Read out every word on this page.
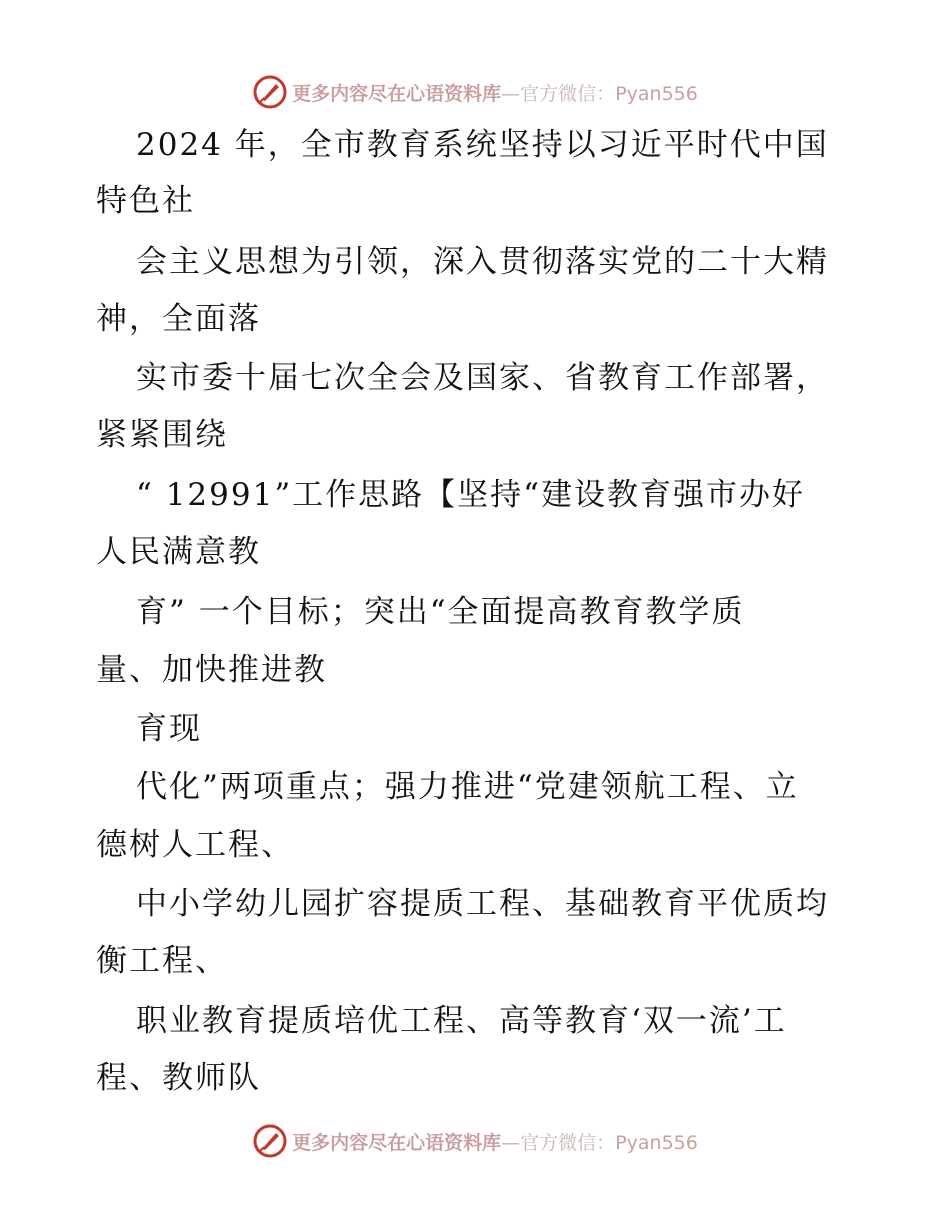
更多内容尽在心语资料库—官方微信：Pyan556
2024 年，全市教育系统坚持以习近平时代中国
特色社
会主义思想为引领，深入贯彻落实党的二十大精
神，全面落
实市委十届七次全会及国家、省教育工作部署，
紧紧围绕
“ 12991”工作思路【坚持“建设教育强市办好
人民满意教
育” 一个目标；突出“全面提高教育教学质
量、加快推进教
育现
代化”两项重点；强力推进“党建领航工程、立
德树人工程、
中小学幼儿园扩容提质工程、基础教育平优质均
衡工程、
职业教育提质培优工程、高等教育‘双一流’工
程、教师队
更多内容尽在心语资料库—官方微信：Pyan556
